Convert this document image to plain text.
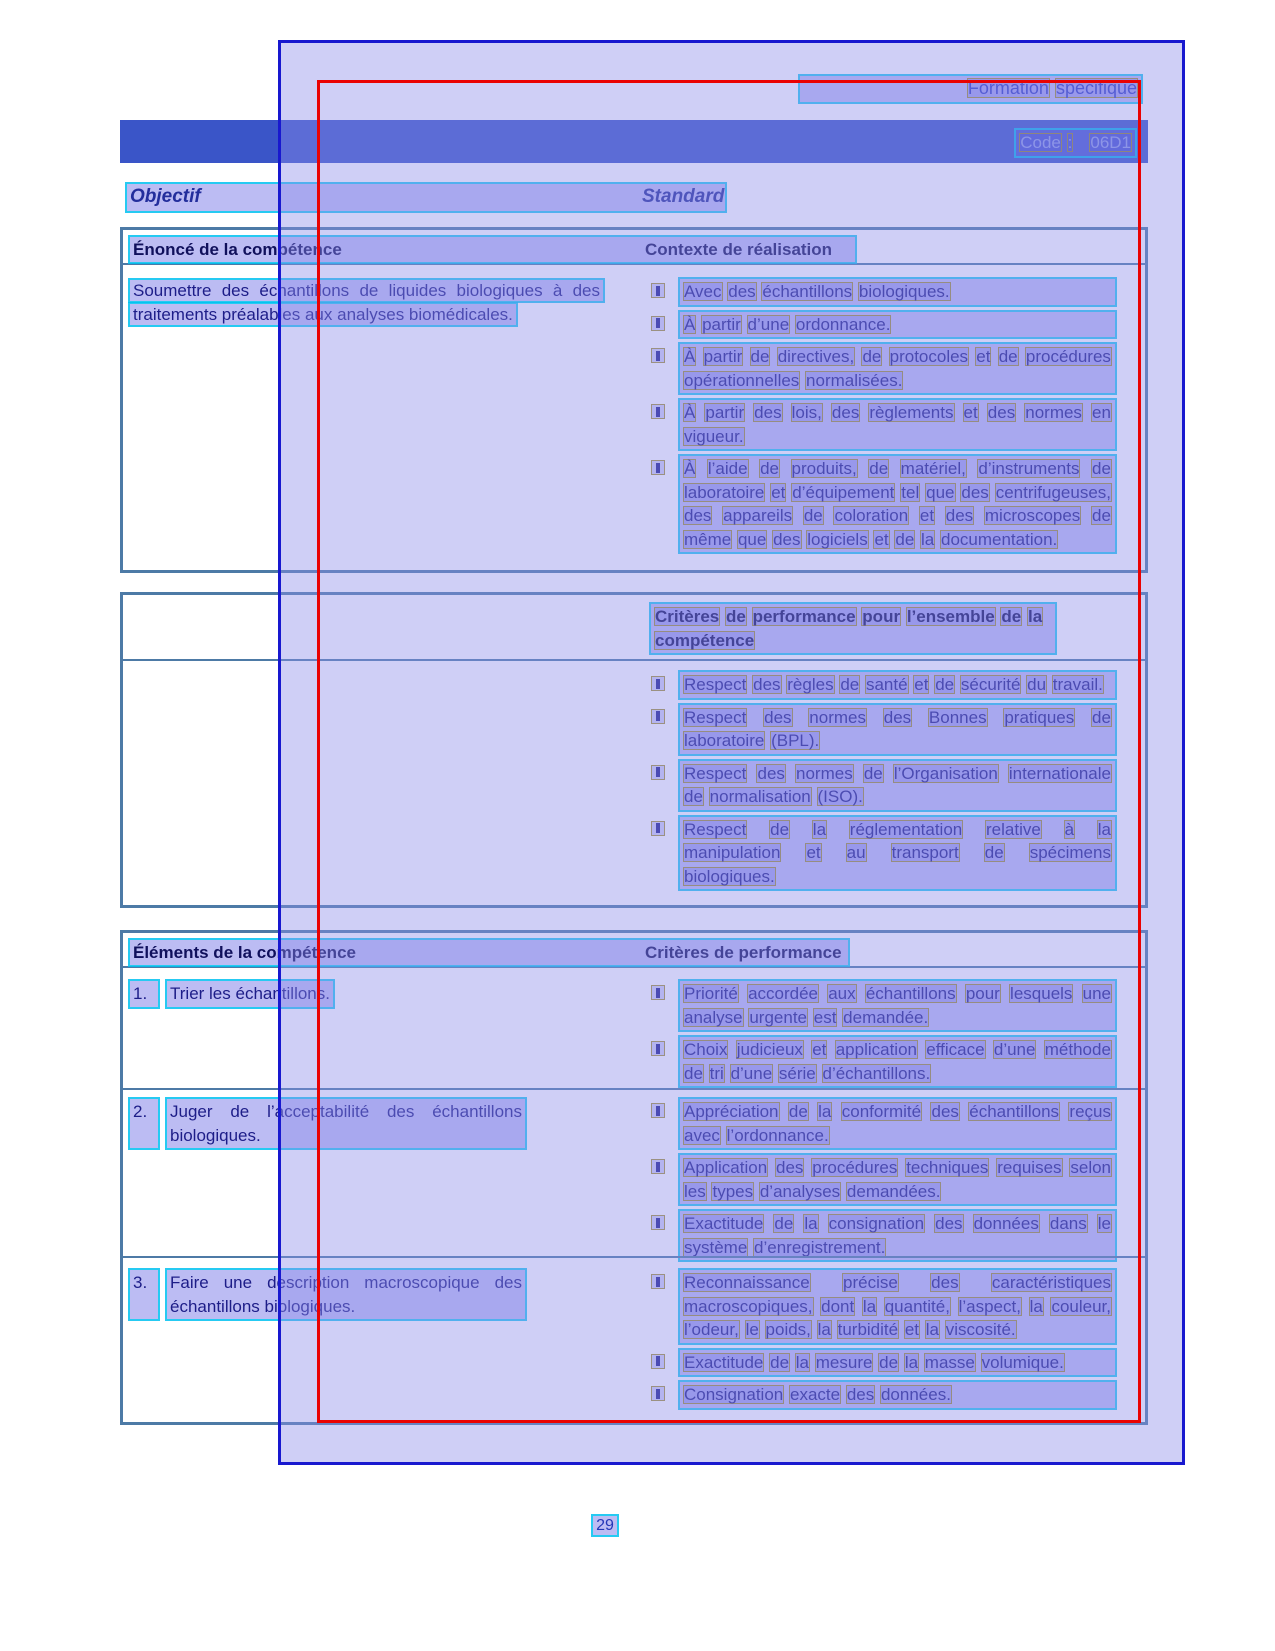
Formation spécifique
Code : 06D1
Objectif	Standard
Énoncé de la compétence	Contexte de réalisation
Soumettre des échantillons de liquides biologiques à des traitements préalables aux analyses biomédicales.
Avec des échantillons biologiques.
À partir d’une ordonnance.
À partir de directives, de protocoles et de procédures opérationnelles normalisées.
À partir des lois, des règlements et des normes en vigueur.
À l’aide de produits, de matériel, d’instruments de laboratoire et d’équipement tel que des centrifugeuses, des appareils de coloration et des microscopes de même que des logiciels et de la documentation.
Critères de performance pour l’ensemble de la compétence
Respect des règles de santé et de sécurité du travail.
Respect des normes des Bonnes pratiques de laboratoire (BPL).
Respect des normes de l’Organisation internationale de normalisation (ISO).
Respect de la réglementation relative à la manipulation et au transport de spécimens biologiques.
Éléments de la compétence	Critères de performance
1.	Trier les échantillons.	Priorité accordée aux échantillons pour lesquels une analyse urgente est demandée.
Choix judicieux et application efficace d’une méthode de tri d’une série d’échantillons.
2.	Juger de l’acceptabilité des échantillons biologiques.
Appréciation de la conformité des échantillons reçus avec l’ordonnance.
Application des procédures techniques requises selon les types d’analyses demandées.
Exactitude de la consignation des données dans le système d’enregistrement.
3.	Faire une description macroscopique des échantillons biologiques.
Reconnaissance précise des caractéristiques macroscopiques, dont la quantité, l’aspect, la couleur, l’odeur, le poids, la turbidité et la viscosité.
Exactitude de la mesure de la masse volumique.
Consignation exacte des données.
29
